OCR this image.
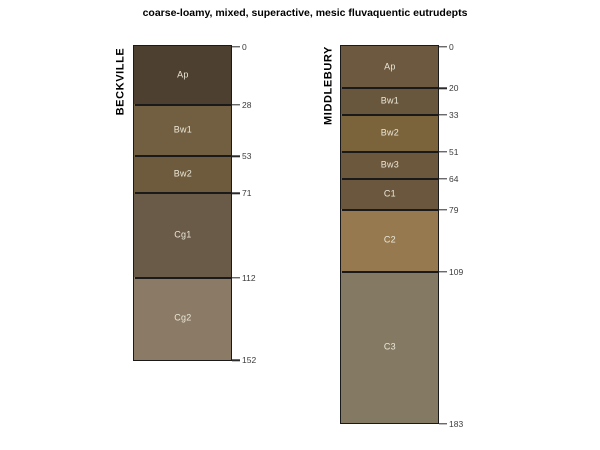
coarse-loamy, mixed, superactive, mesic fluvaquentic eutrudepts
Ap
Bw1
Bw2
Cg1
Cg2
0
28
53
71
112
152
Ap
Bw1
Bw2
Bw3
C1
C2
C3
0
20
33
51
64
79
109
183
BECKVILLE	MIDDLEBURY
